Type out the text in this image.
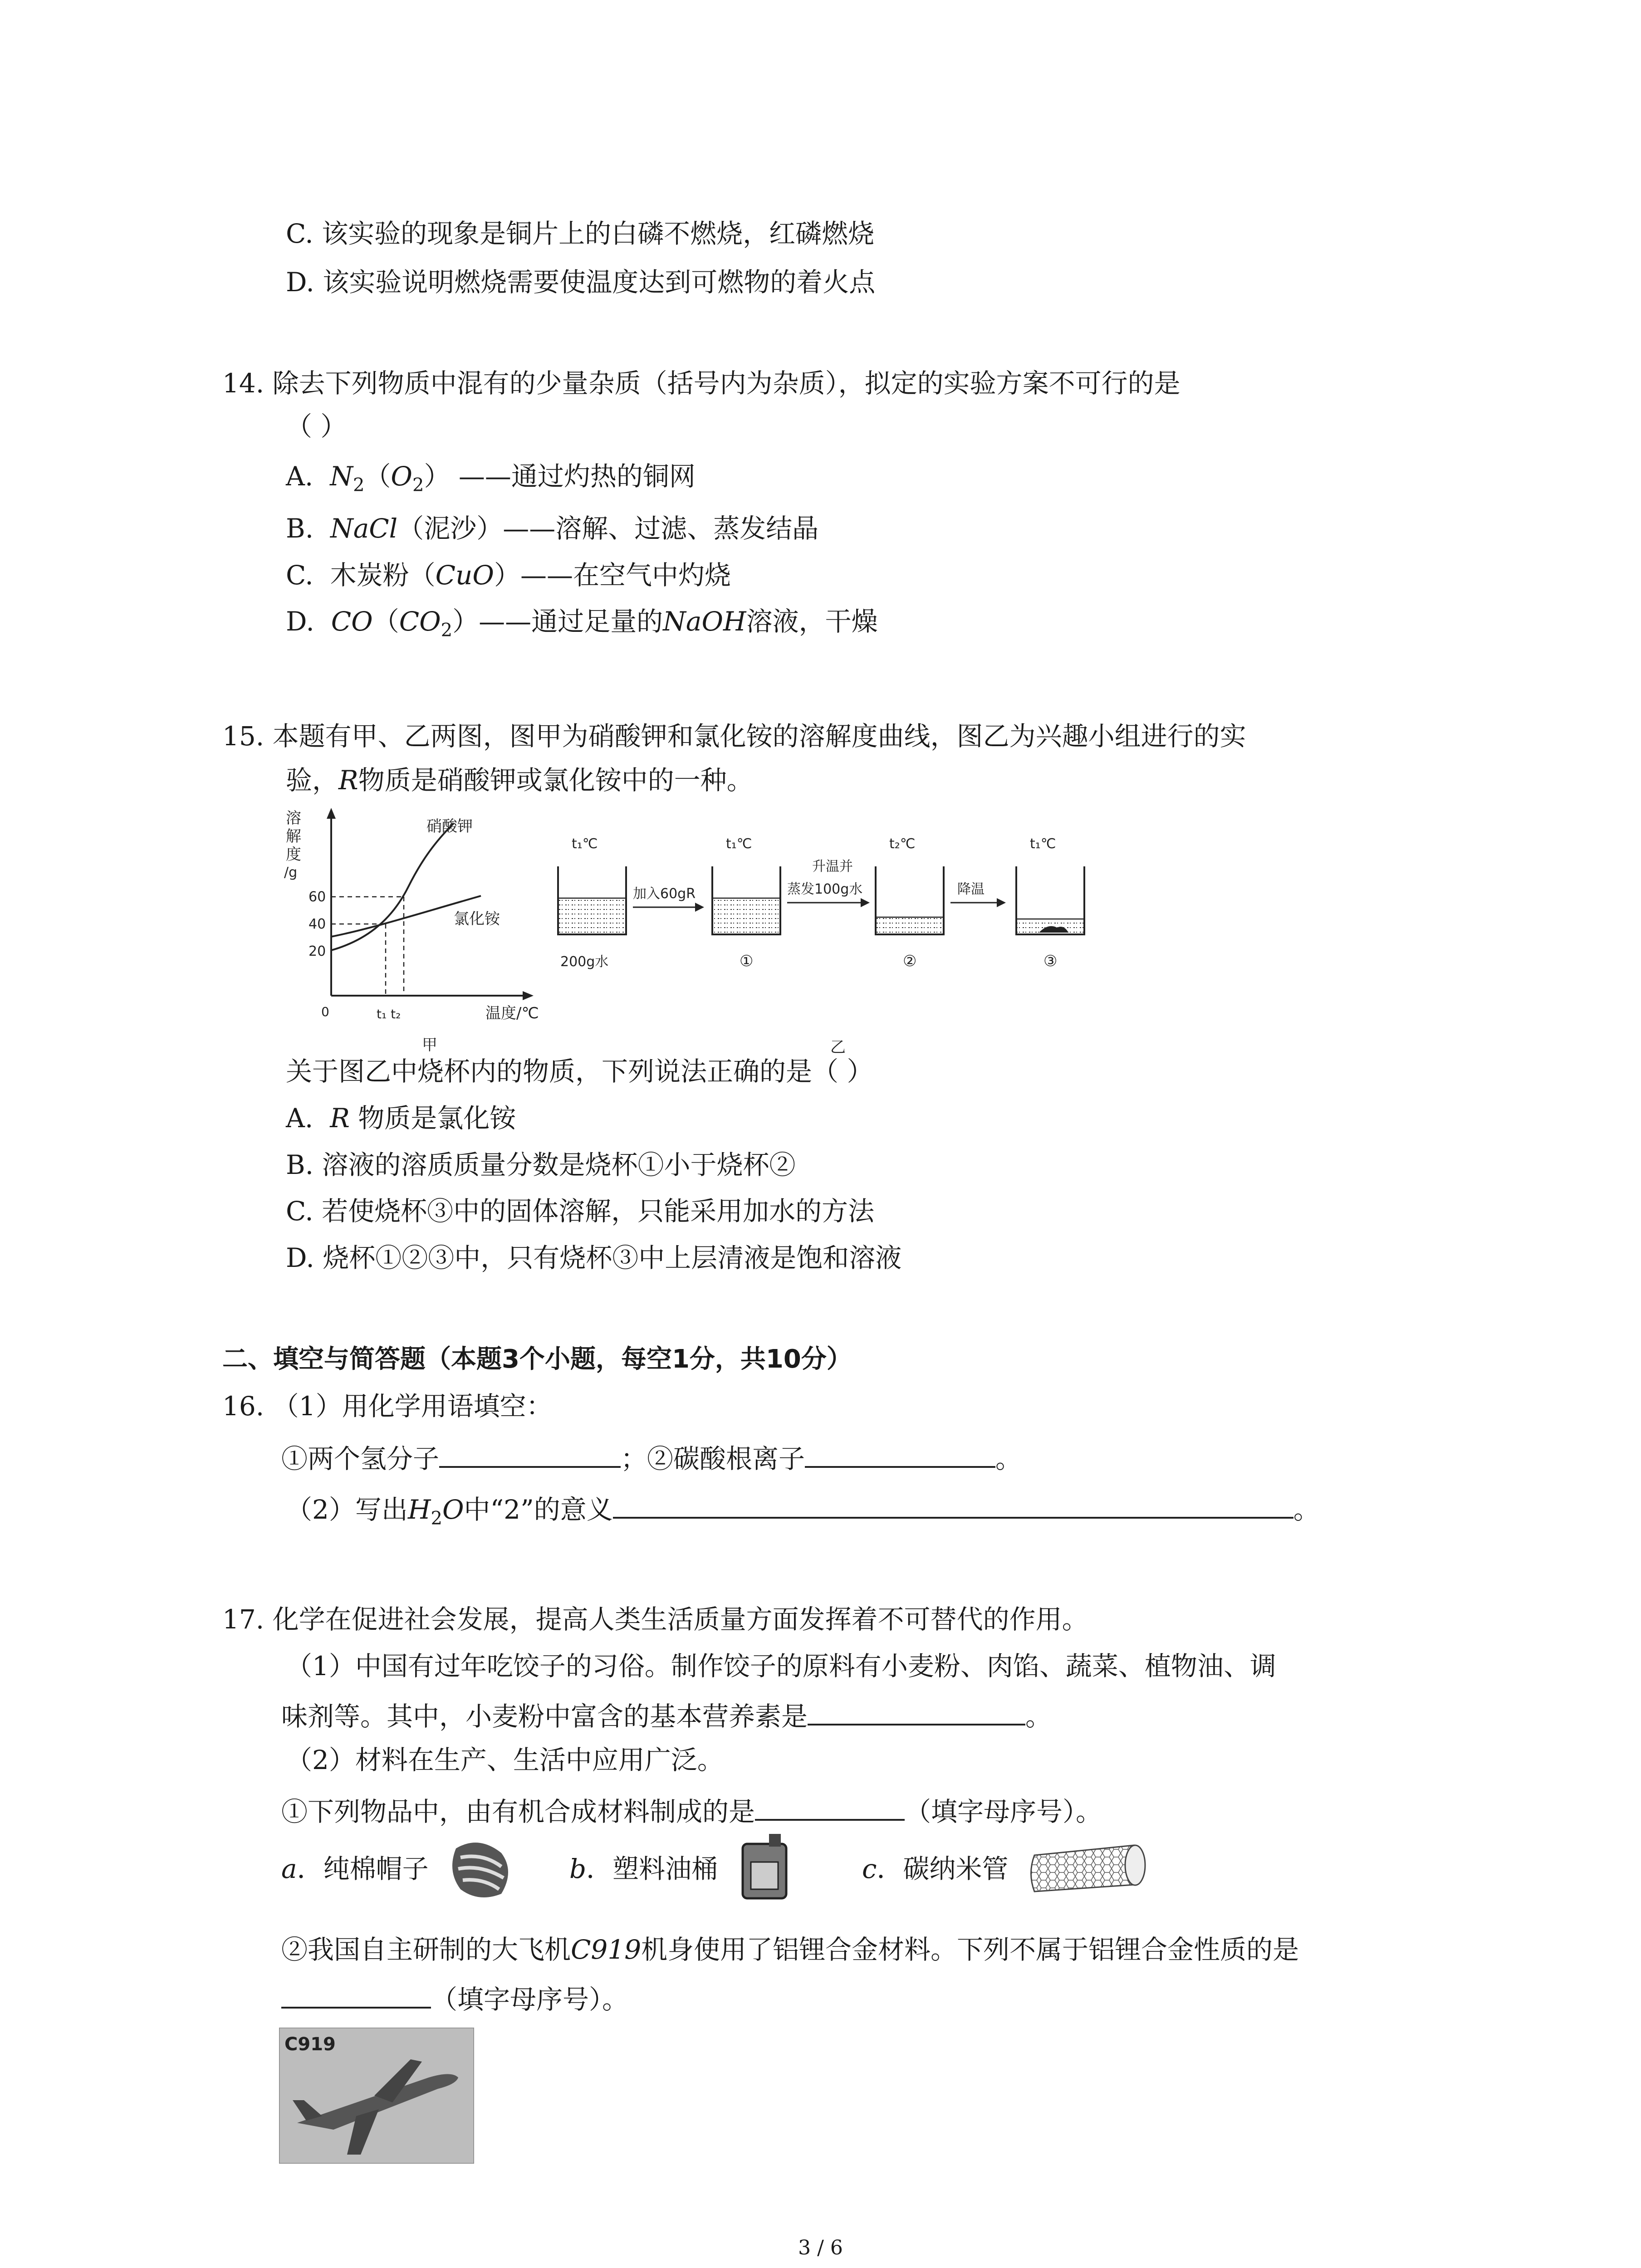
C. 该实验的现象是铜片上的白磷不燃烧，红磷燃烧
D. 该实验说明燃烧需要使温度达到可燃物的着火点
14. 除去下列物质中混有的少量杂质（括号内为杂质），拟定的实验方案不可行的是
（ ）
A. $N_2(O_2)$ ——通过灼热的铜网
B. NaCl（泥沙）——溶解、过滤、蒸发结晶
C. 木炭粉（CuO）——在空气中灼烧
D. $CO(CO_2)——$通过足量的NaOH溶液，干燥
15. 本题有甲、乙两图，图甲为硝酸钾和氯化铵的溶解度曲线，图乙为兴趣小组进行的实
验，R物质是硝酸钾或氯化铵中的一种。
溶
解
度
/g
60
40
20
0	t₁ t₂
硝酸钾
氯化铵
温度/℃
甲
t₁℃
200g水
加入60gR
t₁℃
①
升温并
蒸发100g水
t₂℃
②
降温
t₁℃
③
乙
关于图乙中烧杯内的物质，下列说法正确的是（ ）
A. R 物质是氯化铵
B. 溶液的溶质质量分数是烧杯①小于烧杯②
C. 若使烧杯③中的固体溶解，只能采用加水的方法
D. 烧杯①②③中，只有烧杯③中上层清液是饱和溶液
二、填空与简答题（本题3个小题，每空1分，共10分）
16. （1）用化学用语填空：
①两个氢分子	；②碳酸根离子	。
（2）写出$H_2O$中“2”的意义	。
17. 化学在促进社会发展，提高人类生活质量方面发挥着不可替代的作用。
（1）中国有过年吃饺子的习俗。制作饺子的原料有小麦粉、肉馅、蔬菜、植物油、调
味剂等。其中，小麦粉中富含的基本营养素是	。
（2）材料在生产、生活中应用广泛。
①下列物品中，由有机合成材料制成的是	（填字母序号）。
a．纯棉帽子	b．塑料油桶	c．碳纳米管
②我国自主研制的大飞机C919机身使用了铝锂合金材料。下列不属于铝锂合金性质的是
（填字母序号）。
C919
3 / 6
